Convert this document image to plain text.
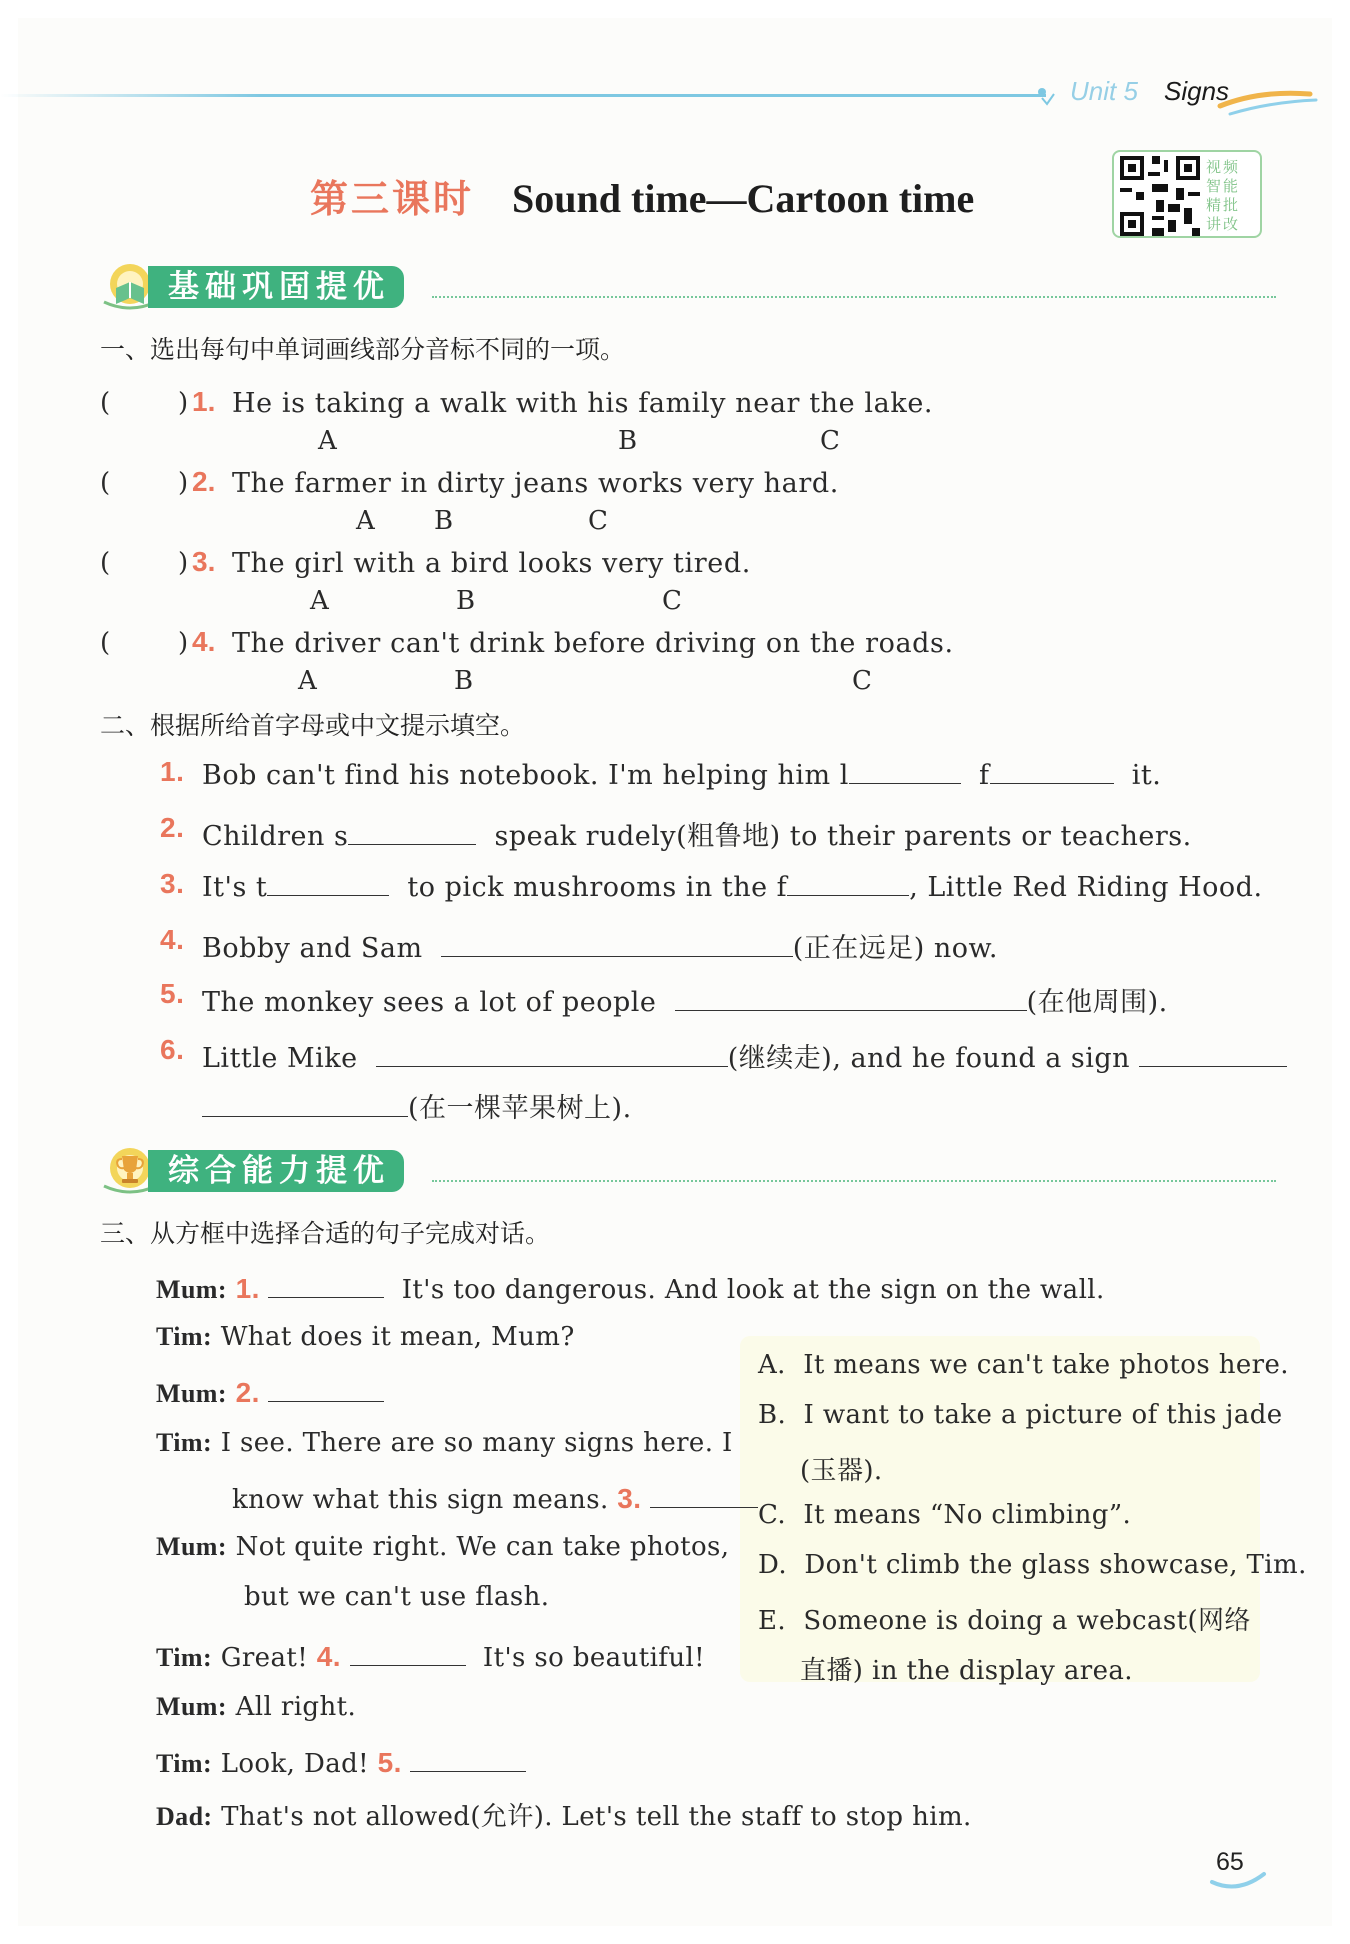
Unit 5 Signs
第三课时 Sound time—Cartoon time
视频智能精批讲改
基础巩固提优
一、选出每句中单词画线部分音标不同的一项。
(	) 1. He is taking a walk with his family near the lake.
A	B	C
(	) 2. The farmer in dirty jeans works very hard.
A B	C
(	) 3. The girl with a bird looks very tired.
A	B	C
(	) 4. The driver can't drink before driving on the roads.
A	B	C
二、根据所给首字母或中文提示填空。
1. Bob can't find his notebook. I'm helping him l	f	it.
2. Children s	speak rudely(粗鲁地) to their parents or teachers.
3. It's t	to pick mushrooms in the f	, Little Red Riding Hood.
4. Bobby and Sam	(正在远足) now.
5. The monkey sees a lot of people	(在他周围).
6. Little Mike	(继续走), and he found a sign
(在一棵苹果树上).
综合能力提优
三、从方框中选择合适的句子完成对话。
A. It means we can't take photos here.
B. I want to take a picture of this jade
(玉器).
C. It means “No climbing”.
D. Don't climb the glass showcase, Tim.
E. Someone is doing a webcast(网络
直播) in the display area.
Mum: 1.	It's too dangerous. And look at the sign on the wall.
Tim: What does it mean, Mum?
Mum: 2.
Tim: I see. There are so many signs here. I
know what this sign means. 3.
Mum: Not quite right. We can take photos,
but we can't use flash.
Tim: Great! 4.	It's so beautiful!
Mum: All right.
Tim: Look, Dad! 5.
Dad: That's not allowed(允许). Let's tell the staff to stop him.
65
